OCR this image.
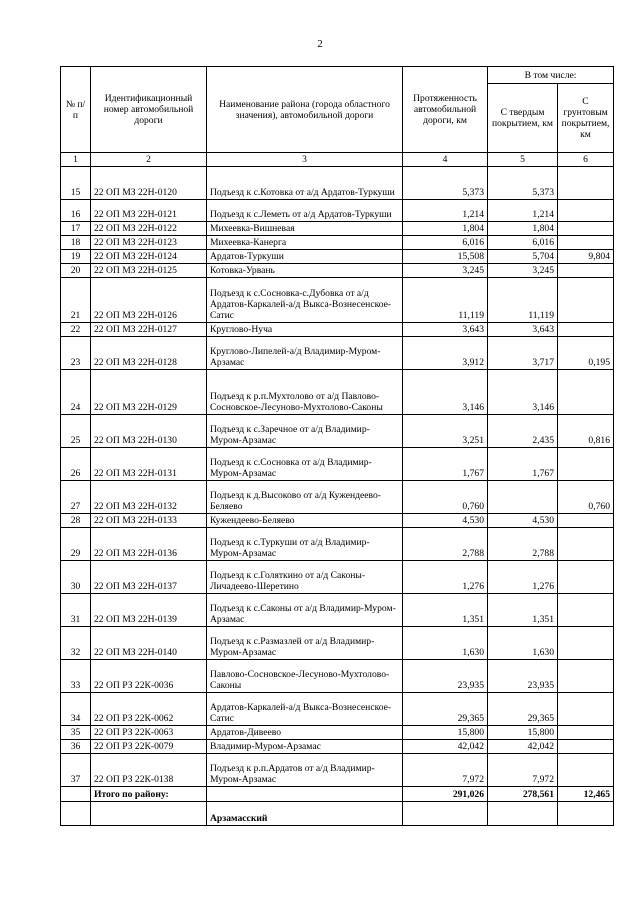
2
№ п/п	Идентификационный номер автомобильной дороги	Наименование района (города областного значения), автомобильной дороги	Протяженность автомобильной дороги, км	В том числе:	
				С твердым покрытием, км	С грунтовым покрытием, км
1	2	3	4	5	6
15	22 ОП МЗ 22Н-0120	Подъезд к с.Котовка от а/д Ардатов-Туркуши	5,373	5,373	
16	22 ОП МЗ 22Н-0121	Подъезд к с.Леметь от а/д Ардатов-Туркуши	1,214	1,214	
17	22 ОП МЗ 22Н-0122	Михеевка-Вишневая	1,804	1,804	
18	22 ОП МЗ 22Н-0123	Михеевка-Канерга	6,016	6,016	
19	22 ОП МЗ 22Н-0124	Ардатов-Туркуши	15,508	5,704	9,804
20	22 ОП МЗ 22Н-0125	Котовка-Урвань	3,245	3,245	
21	22 ОП МЗ 22Н-0126	Подъезд к с.Сосновка-с.Дубовка от а/д Ардатов-Каркалей-а/д Выкса-Вознесенское-Сатис	11,119	11,119	
22	22 ОП МЗ 22Н-0127	Круглово-Нуча	3,643	3,643	
23	22 ОП МЗ 22Н-0128	Круглово-Липелей-а/д Владимир-Муром-Арзамас	3,912	3,717	0,195
24	22 ОП МЗ 22Н-0129	Подъезд к р.п.Мухтолово от а/д Павлово-Сосновское-Лесуново-Мухтолово-Саконы	3,146	3,146	
25	22 ОП МЗ 22Н-0130	Подъезд к с.Заречное от а/д Владимир-Муром-Арзамас	3,251	2,435	0,816
26	22 ОП МЗ 22Н-0131	Подъезд к с.Сосновка от а/д Владимир-Муром-Арзамас	1,767	1,767	
27	22 ОП МЗ 22Н-0132	Подъезд к д.Высоково от а/д Кужендеево-Беляево	0,760		0,760
28	22 ОП МЗ 22Н-0133	Кужендеево-Беляево	4,530	4,530	
29	22 ОП МЗ 22Н-0136	Подъезд к с.Туркуши от а/д Владимир-Муром-Арзамас	2,788	2,788	
30	22 ОП МЗ 22Н-0137	Подъезд к с.Голяткино от а/д Саконы-Личадеево-Шеретино	1,276	1,276	
31	22 ОП МЗ 22Н-0139	Подъезд к с.Саконы от а/д Владимир-Муром-Арзамас	1,351	1,351	
32	22 ОП МЗ 22Н-0140	Подъезд к с.Размазлей от а/д Владимир-Муром-Арзамас	1,630	1,630	
33	22 ОП РЗ 22К-0036	Павлово-Сосновское-Лесуново-Мухтолово-Саконы	23,935	23,935	
34	22 ОП РЗ 22К-0062	Ардатов-Каркалей-а/д Выкса-Вознесенское-Сатис	29,365	29,365	
35	22 ОП РЗ 22К-0063	Ардатов-Дивеево	15,800	15,800	
36	22 ОП РЗ 22К-0079	Владимир-Муром-Арзамас	42,042	42,042	
37	22 ОП РЗ 22К-0138	Подъезд к р.п.Ардатов от а/д Владимир-Муром-Арзамас	7,972	7,972	
	Итого по району:		291,026	278,561	12,465
		Арзамасский			
